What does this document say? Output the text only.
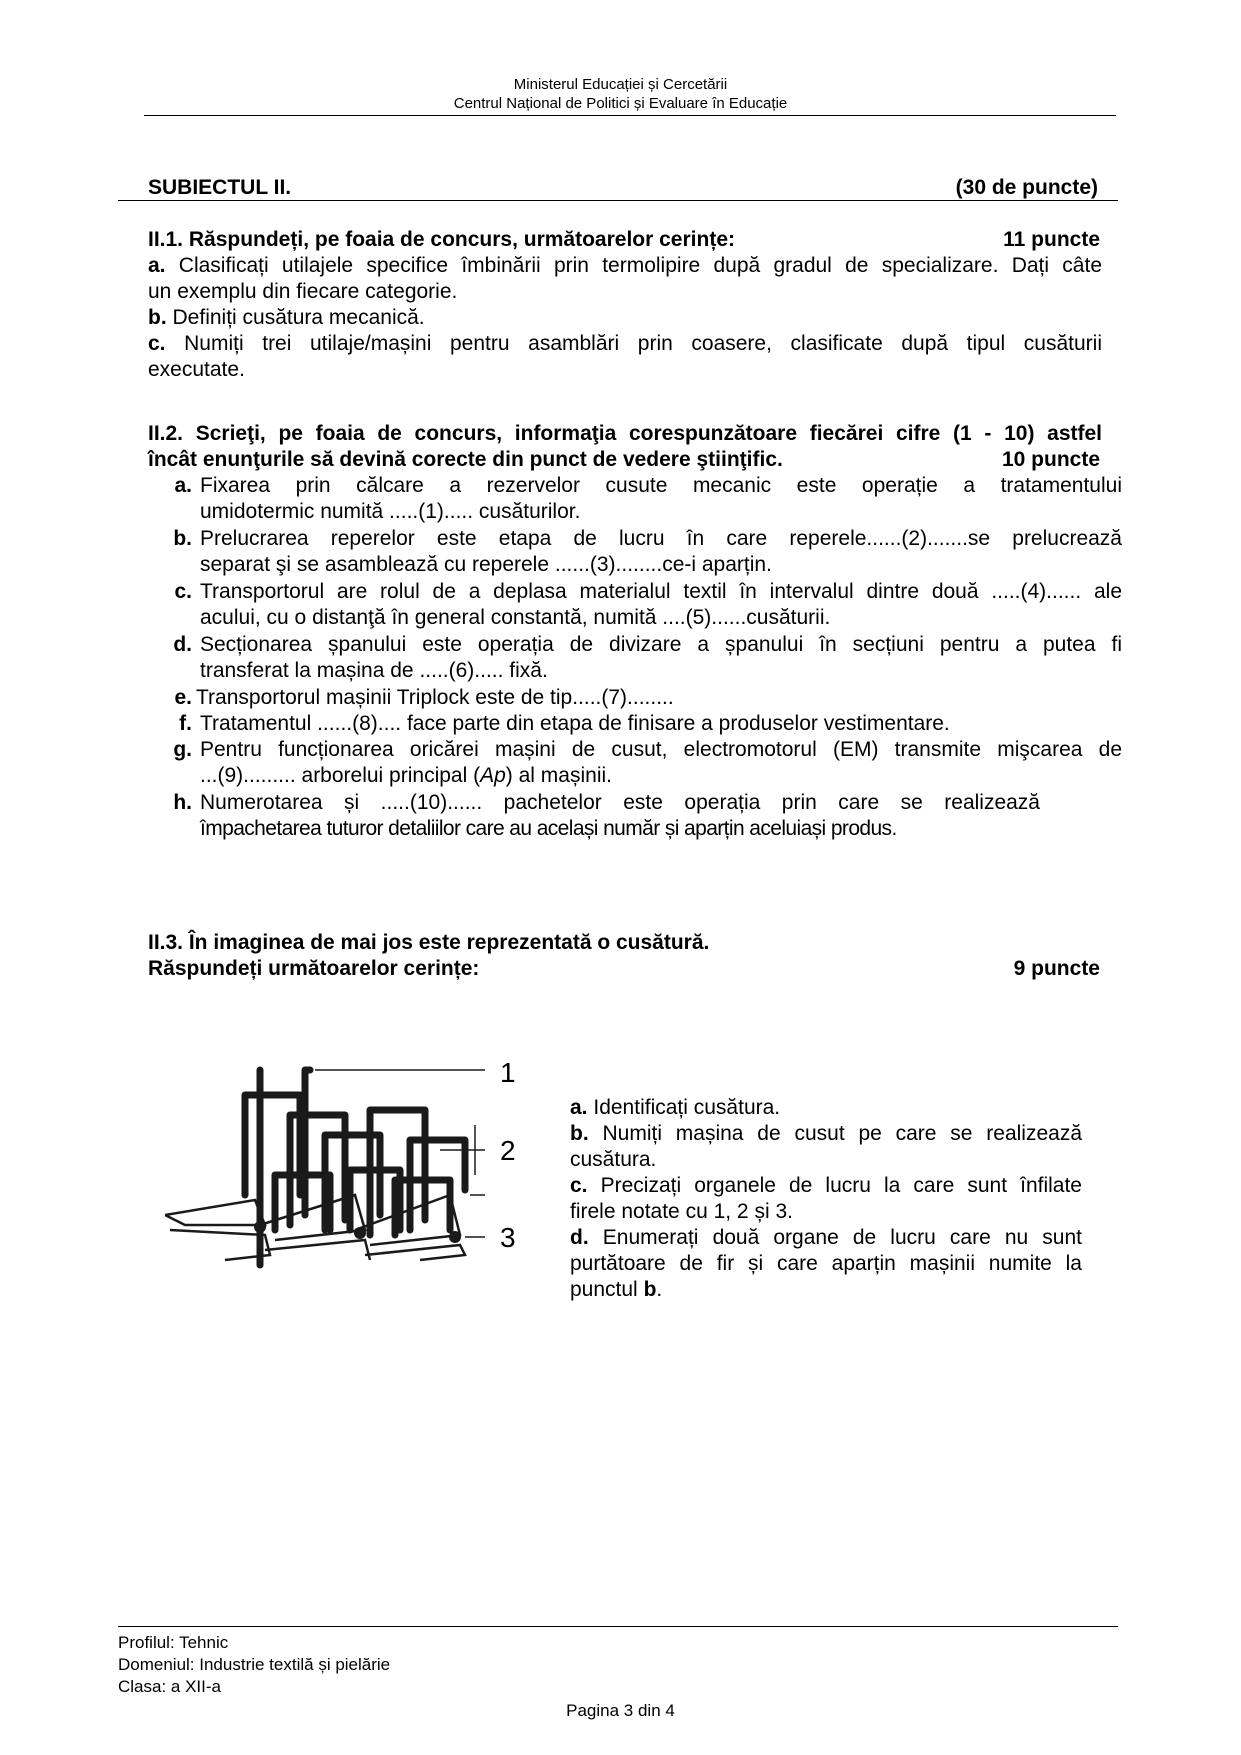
Ministerul Educației și Cercetării
Centrul Național de Politici și Evaluare în Educație
SUBIECTUL II.	(30 de puncte)
II.1. Răspundeți, pe foaia de concurs, următoarelor cerințe:	11 puncte
a. Clasificați utilajele specifice îmbinării prin termolipire după gradul de specializare. Dați câte
un exemplu din fiecare categorie.
b. Definiți cusătura mecanică.
c. Numiți trei utilaje/mașini pentru asamblări prin coasere, clasificate după tipul cusăturii
executate.
II.2. Scrieţi, pe foaia de concurs, informaţia corespunzătoare fiecărei cifre (1 - 10) astfel
încât enunţurile să devină corecte din punct de vedere ştiinţific.	10 puncte
a. Fixarea prin călcare a rezervelor cusute mecanic este operație a tratamentului
umidotermic numită .....(1)..... cusăturilor.
b. Prelucrarea reperelor este etapa de lucru în care reperele......(2).......se prelucrează
separat şi se asamblează cu reperele ......(3)........ce-i aparțin.
c. Transportorul are rolul de a deplasa materialul textil în intervalul dintre două .....(4)...... ale
acului, cu o distanţă în general constantă, numită ....(5)......cusăturii.
d. Secționarea șpanului este operația de divizare a șpanului în secțiuni pentru a putea fi
transferat la mașina de .....(6)..... fixă.
e. Transportorul mașinii Triplock este de tip.....(7)........
f. Tratamentul ......(8).... face parte din etapa de finisare a produselor vestimentare.
g. Pentru funcționarea oricărei mașini de cusut, electromotorul (EM) transmite mişcarea de
...(9)......... arborelui principal (Ap) al mașinii.
h. Numerotarea și .....(10)...... pachetelor este operația prin care se realizează
împachetarea tuturor detaliilor care au același număr și aparțin aceluiași produs.
II.3. În imaginea de mai jos este reprezentată o cusătură.
Răspundeți următoarelor cerințe:	9 puncte
1
2
3
a. Identificați cusătura.
b. Numiți mașina de cusut pe care se realizează
cusătura.
c. Precizați organele de lucru la care sunt înfilate
firele notate cu 1, 2 și 3.
d. Enumerați două organe de lucru care nu sunt
purtătoare de fir și care aparțin mașinii numite la
punctul b.
Profilul: Tehnic
Domeniul: Industrie textilă și pielărie
Clasa: a XII-a
Pagina 3 din 4
